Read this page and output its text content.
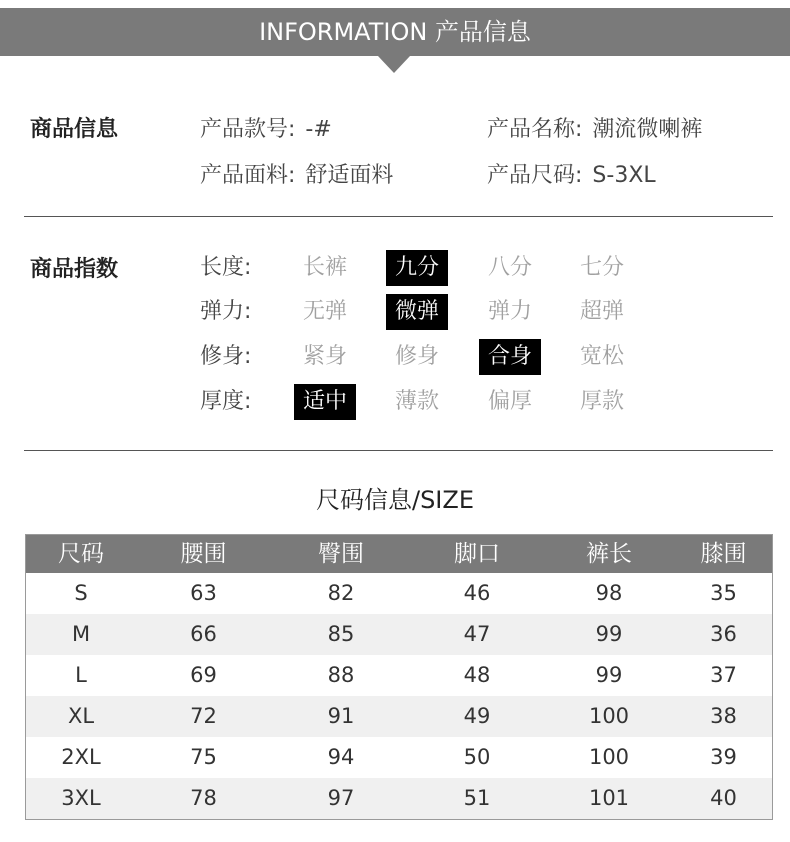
INFORMATION 产品信息
商品信息	产品款号: -#	产品名称: 潮流微喇裤
产品面料: 舒适面料	产品尺码: S-3XL
商品指数	长度:	长裤	九分	八分	七分
弹力:	无弹	微弹	弹力	超弹
修身:	紧身	修身	合身	宽松
厚度:	适中	薄款	偏厚	厚款
尺码信息/SIZE
尺码	腰围	臀围	脚口	裤长	膝围
S	63	82	46	98	35
M	66	85	47	99	36
L	69	88	48	99	37
XL	72	91	49	100	38
2XL	75	94	50	100	39
3XL	78	97	51	101	40
